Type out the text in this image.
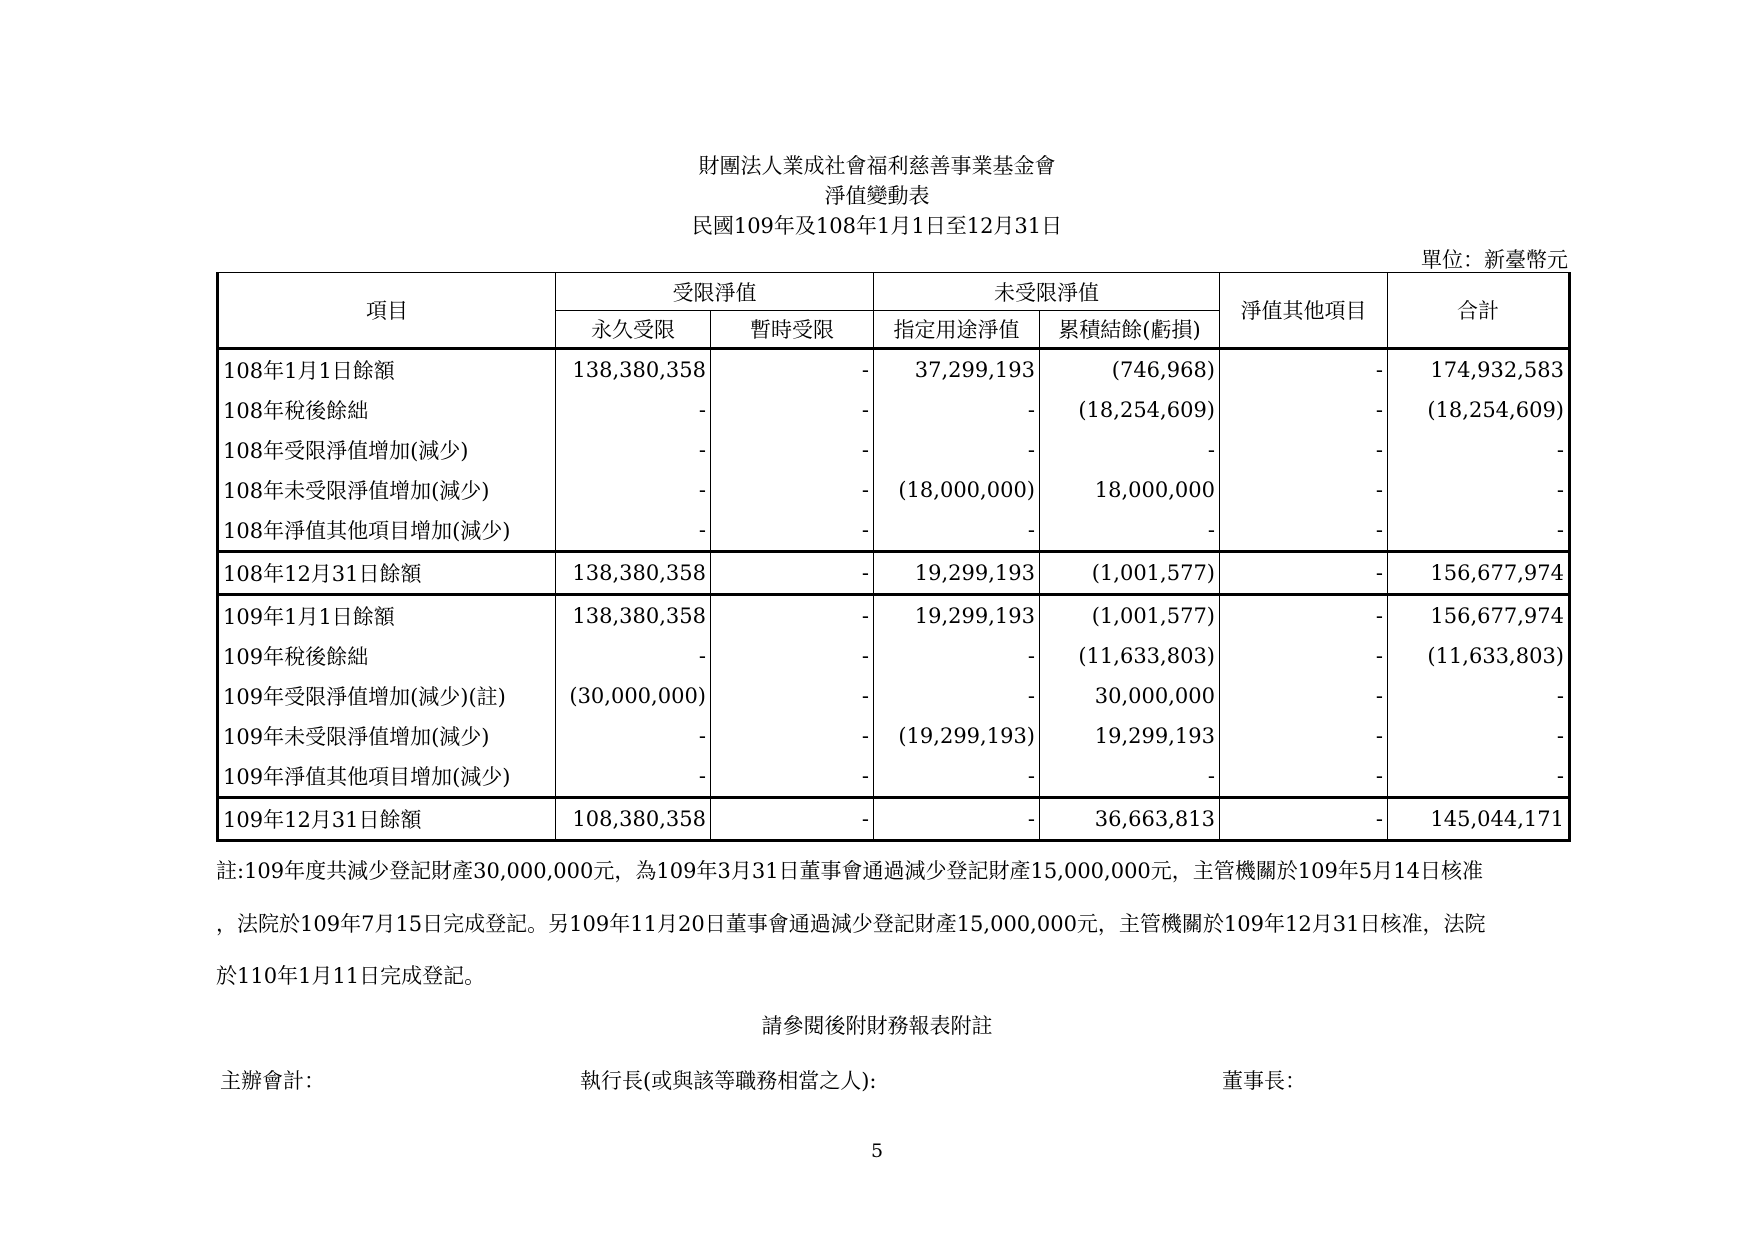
財團法人業成社會福利慈善事業基金會
淨值變動表
民國109年及108年1月1日至12月31日
單位：新臺幣元
項目	受限淨值		未受限淨值		淨值其他項目	合計
	永久受限	暫時受限	指定用途淨值	累積結餘(虧損)		
108年1月1日餘額	138,380,358	-	37,299,193	(746,968)	-	174,932,583
108年稅後餘絀	-	-	-	(18,254,609)	-	(18,254,609)
108年受限淨值增加(減少)	-	-	-	-	-	-
108年未受限淨值增加(減少)	-	-	(18,000,000)	18,000,000	-	-
108年淨值其他項目增加(減少)	-	-	-	-	-	-
108年12月31日餘額	138,380,358	-	19,299,193	(1,001,577)	-	156,677,974
109年1月1日餘額	138,380,358	-	19,299,193	(1,001,577)	-	156,677,974
109年稅後餘絀	-	-	-	(11,633,803)	-	(11,633,803)
109年受限淨值增加(減少)(註)	(30,000,000)	-	-	30,000,000	-	-
109年未受限淨值增加(減少)	-	-	(19,299,193)	19,299,193	-	-
109年淨值其他項目增加(減少)	-	-	-	-	-	-
109年12月31日餘額	108,380,358	-	-	36,663,813	-	145,044,171
註:109年度共減少登記財產30,000,000元，為109年3月31日董事會通過減少登記財產15,000,000元，主管機關於109年5月14日核准
，法院於109年7月15日完成登記。另109年11月20日董事會通過減少登記財產15,000,000元，主管機關於109年12月31日核准，法院
於110年1月11日完成登記。
請參閱後附財務報表附註
主辦會計：	執行長(或與該等職務相當之人):	董事長：
5
